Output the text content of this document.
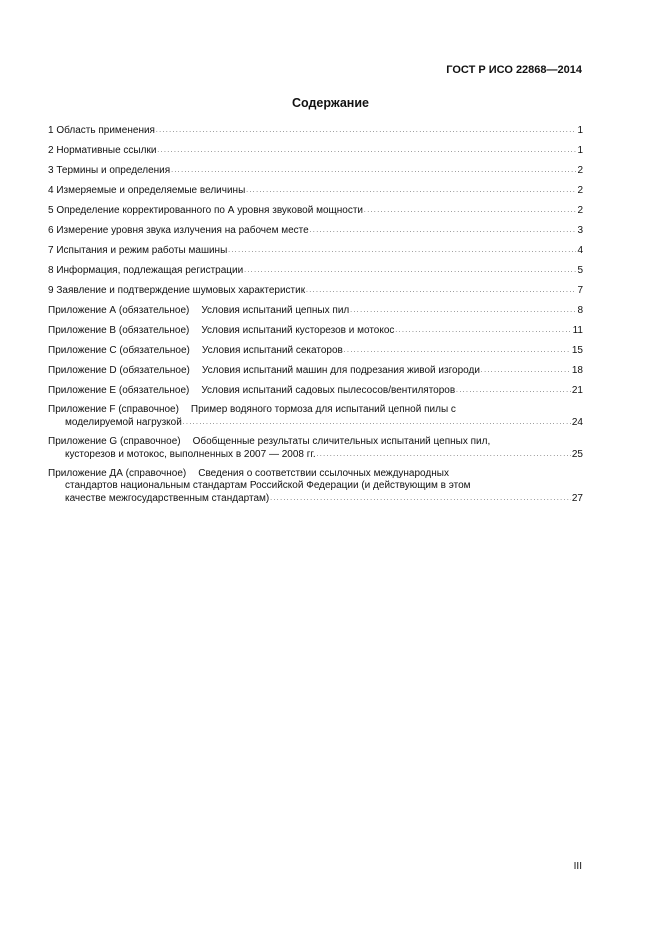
ГОСТ Р ИСО 22868—2014
Содержание
1 Область применения . . .	1
2 Нормативные ссылки . . .	1
3 Термины и определения . . .	2
4 Измеряемые и определяемые величины . . .	2
5 Определение корректированного по А уровня звуковой мощности . . .	2
6 Измерение уровня звука излучения на рабочем месте . . .	3
7 Испытания и режим работы машины . . .	4
8 Информация, подлежащая регистрации . . .	5
9 Заявление и подтверждение шумовых характеристик . . .	7
Приложение А (обязательное) Условия испытаний цепных пил . . .	8
Приложение В (обязательное) Условия испытаний кусторезов и мотокос . . .	11
Приложение С (обязательное) Условия испытаний секаторов . . .	15
Приложение D (обязательное) Условия испытаний машин для подрезания живой изгороди . . .	18
Приложение E (обязательное) Условия испытаний садовых пылесосов/вентиляторов . . .	21
Приложение F (справочное) Пример водяного тормоза для испытаний цепной пилы с
моделируемой нагрузкой . . .	24
Приложение G (справочное) Обобщенные результаты сличительных испытаний цепных пил,
кусторезов и мотокос, выполненных в 2007 — 2008 гг. . . .	25
Приложение ДА (справочное) Сведения о соответствии ссылочных международных
стандартов национальным стандартам Российской Федерации (и действующим в этом
качестве межгосударственным стандартам) . . .	27
III
